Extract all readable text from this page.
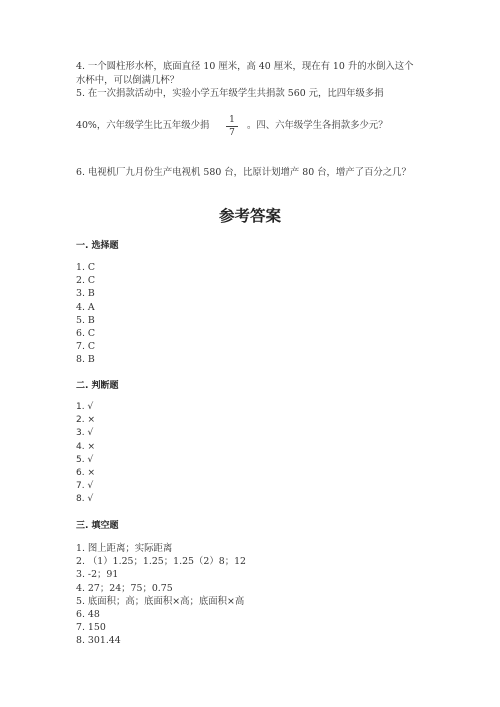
4. 一个圆柱形水杯，底面直径 10 厘米，高 40 厘米，现在有 10 升的水倒入这个
水杯中，可以倒满几杯？
5. 在一次捐款活动中，实验小学五年级学生共捐款 560 元，比四年级多捐
40%，六年级学生比五年级少捐	1
7
。四、六年级学生各捐款多少元？
6. 电视机厂九月份生产电视机 580 台，比原计划增产 80 台，增产了百分之几？
参考答案
一. 选择题
1. C
2. C
3. B
4. A
5. B
6. C
7. C
8. B
二. 判断题
1. √
2. ×
3. √
4. ×
5. √
6. ×
7. √
8. √
三. 填空题
1. 图上距离；实际距离
2. （1）1.25；1.25；1.25（2）8；12
3. -2；91
4. 27；24；75；0.75
5. 底面积；高；底面积×高；底面积×高
6. 48
7. 150
8. 301.44
